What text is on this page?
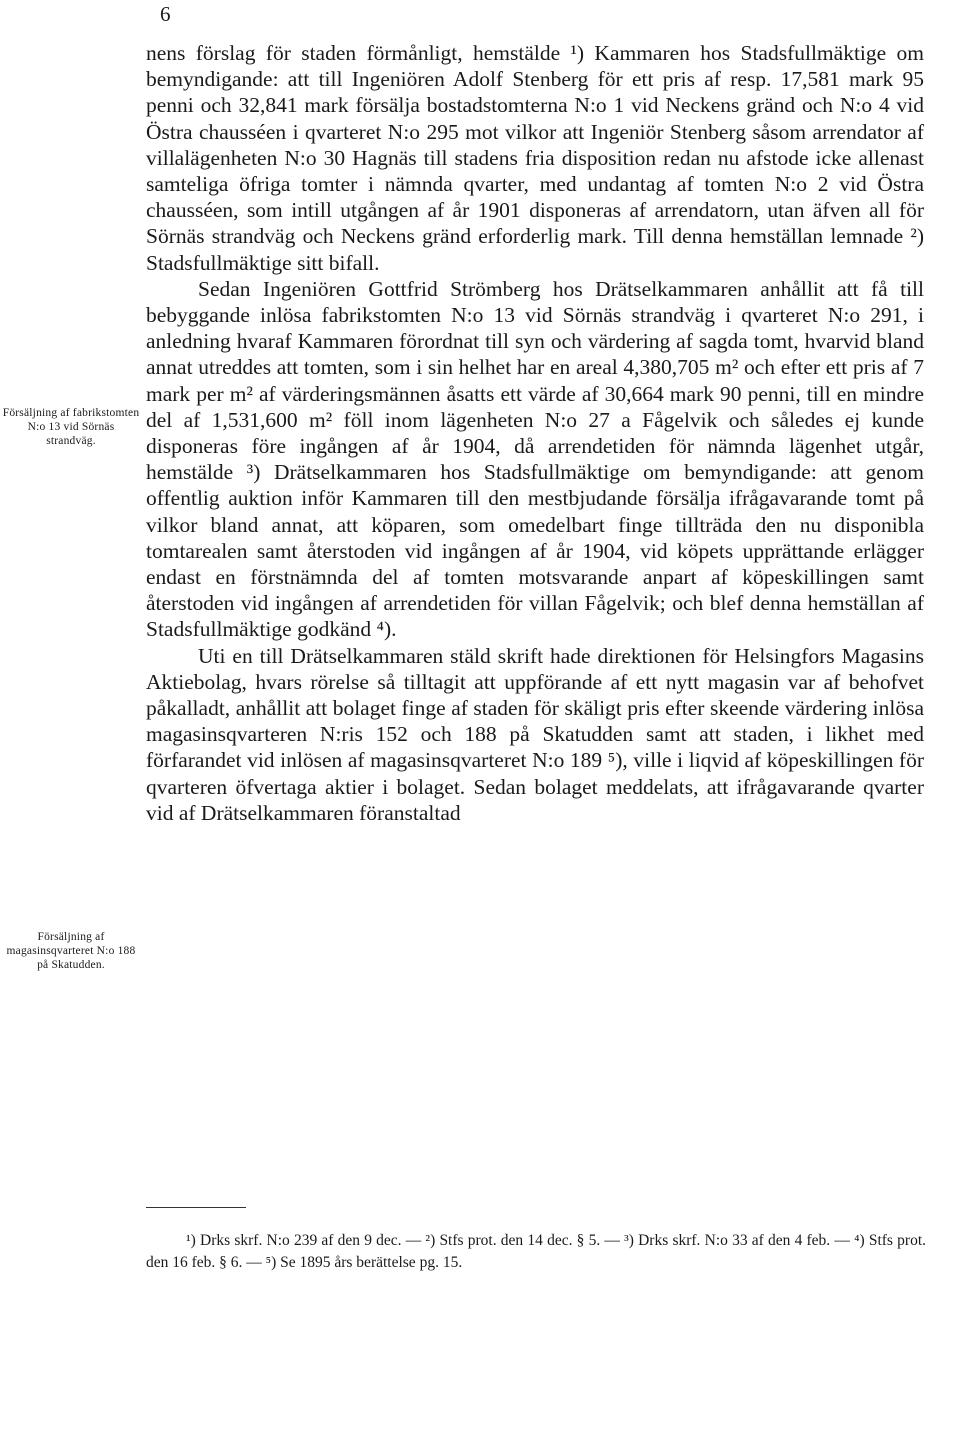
6
Försäljning af fabrikstomten N:o 13 vid Sörnäs strandväg.
Försäljning af magasinsqvarteret N:o 188 på Skatudden.

nens förslag för staden förmånligt, hemstälde ¹) Kammaren hos Stadsfullmäktige om bemyndigande: att till Ingeniören Adolf Stenberg för ett pris af resp. 17,581 mark 95 penni och 32,841 mark försälja bostadstomterna N:o 1 vid Neckens gränd och N:o 4 vid Östra chausséen i qvarteret N:o 295 mot vilkor att Ingeniör Stenberg såsom arrendator af villalägenheten N:o 30 Hagnäs till stadens fria disposition redan nu afstode icke allenast samteliga öfriga tomter i nämnda qvarter, med undantag af tomten N:o 2 vid Östra chausséen, som intill utgången af år 1901 disponeras af arrendatorn, utan äfven all för Sörnäs strandväg och Neckens gränd erforderlig mark. Till denna hemställan lemnade ²) Stadsfullmäktige sitt bifall.

Sedan Ingeniören Gottfrid Strömberg hos Drätselkammaren anhållit att få till bebyggande inlösa fabrikstomten N:o 13 vid Sörnäs strandväg i qvarteret N:o 291, i anledning hvaraf Kammaren förordnat till syn och värdering af sagda tomt, hvarvid bland annat utreddes att tomten, som i sin helhet har en areal 4,380,705 m² och efter ett pris af 7 mark per m² af värderingsmännen åsatts ett värde af 30,664 mark 90 penni, till en mindre del af 1,531,600 m² föll inom lägenheten N:o 27 a Fågelvik och således ej kunde disponeras före ingången af år 1904, då arrendetiden för nämnda lägenhet utgår, hemstälde ³) Drätselkammaren hos Stadsfullmäktige om bemyndigande: att genom offentlig auktion inför Kammaren till den mestbjudande försälja ifrågavarande tomt på vilkor bland annat, att köparen, som omedelbart finge tillträda den nu disponibla tomtarealen samt återstoden vid ingången af år 1904, vid köpets upprättande erlägger endast en förstnämnda del af tomten motsvarande anpart af köpeskillingen samt återstoden vid ingången af arrendetiden för villan Fågelvik; och blef denna hemställan af Stadsfullmäktige godkänd ⁴).

Uti en till Drätselkammaren stäld skrift hade direktionen för Helsingfors Magasins Aktiebolag, hvars rörelse så tilltagit att uppförande af ett nytt magasin var af behofvet påkalladt, anhållit att bolaget finge af staden för skäligt pris efter skeende värdering inlösa magasinsqvarteren N:ris 152 och 188 på Skatudden samt att staden, i likhet med förfarandet vid inlösen af magasinsqvarteret N:o 189 ⁵), ville i liqvid af köpeskillingen för qvarteren öfvertaga aktier i bolaget. Sedan bolaget meddelats, att ifrågavarande qvarter vid af Drätselkammaren föranstaltad

¹) Drks skrf. N:o 239 af den 9 dec. — ²) Stfs prot. den 14 dec. § 5. — ³) Drks skrf. N:o 33 af den 4 feb. — ⁴) Stfs prot. den 16 feb. § 6. — ⁵) Se 1895 års berättelse pg. 15.
